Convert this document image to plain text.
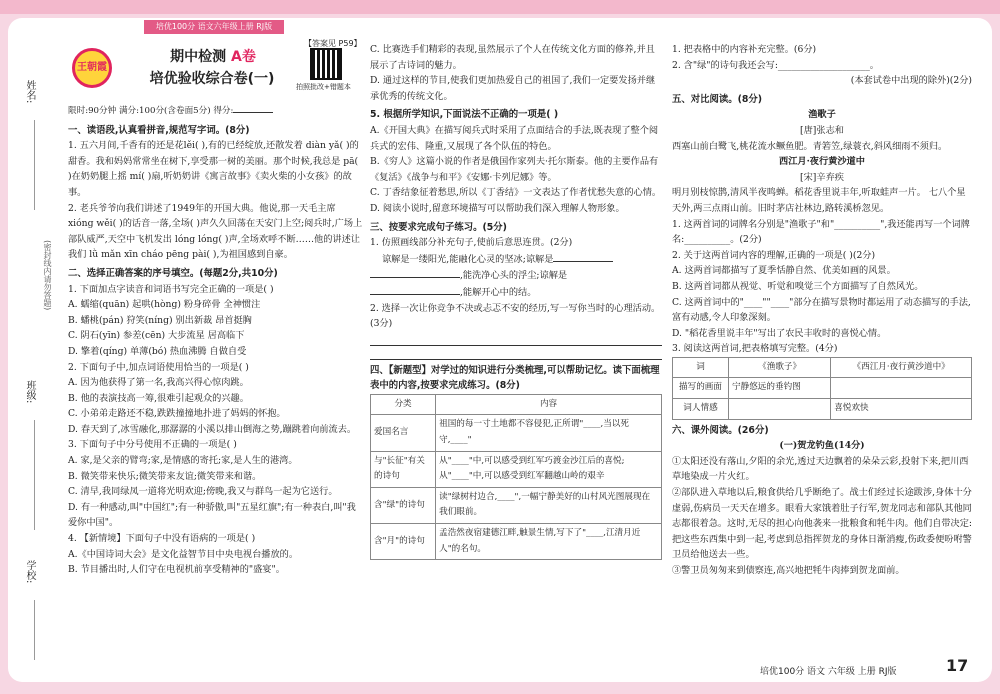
培优100分 语文六年级上册 RJ版
姓名:
(密封线内请勿答题)
班级:
学校:
王朝霞
期中检测 A卷
培优验收综合卷(一)
【答案见 P59】
拍照批改+错题本
限时:90分钟 满分:100分(含卷面5分) 得分:
一、读语段,认真看拼音,规范写字词。(8分)
1. 五六月间,千香有的还是花lěi( ),有的已经绽放,还散发着 diàn yǎ( )的甜香。我和妈妈常常坐在树下,享受那一树的美丽。那个时候,我总是 pā( )在奶奶腿上摇 mí( )扇,听奶奶讲《寓言故事》《卖火柴的小女孩》的故事。
2. 老兵爷爷向我们讲述了1949年的开国大典。他说,那一天毛主席 xióng wěi( )的话音一落,全场( )声久久回荡在天安门上空;阅兵时,广场上部队威严,天空中飞机发出 lóng lóng( )声,全场欢呼不断……他的讲述让我们 lǜ mǎn xīn cháo pēng pài( ),为祖国感到自豪。
二、选择正确答案的序号填空。(每题2分,共10分)
1. 下面加点字读音和词语书写完全正确的一项是( )
A. 蠕缩(quān) 起哄(hòng) 粉身碎骨 全神惯注
B. 蟠桃(pán) 狩笑(níng) 别出新裁 昂首挺胸
C. 阴石(yīn) 参差(cēn) 大步流星 居高临下
D. 擎着(qíng) 单薄(bó) 热血沸腾 自做自受
2. 下面句子中,加点词语使用恰当的一项是( )
A. 因为他获得了第一名,我高兴得心惊肉跳。
B. 他的表演技高一筹,很难引起观众的兴趣。
C. 小弟弟走路还不稳,跌跌撞撞地扑进了妈妈的怀抱。
D. 春天到了,冰雪融化,那潺潺的小溪以排山倒海之势,蹦跳着向前流去。
3. 下面句子中分号使用不正确的一项是( )
A. 家,是父亲的臂弯;家,是情感的寄托;家,是人生的港湾。
B. 微笑带来快乐;微笑带来友谊;微笑带来和谐。
C. 清早,我同绿凤一道将光明欢迎;傍晚,我又与群鸟一起为它送行。
D. 有一种感动,叫"中国红";有一种骄傲,叫"五星红旗";有一种表白,叫"我爱你中国"。
4. 【新情境】下面句子中没有语病的一项是( )
A.《中国诗词大会》是文化益智节目中央电视台播放的。
B. 节目播出时,人们守在电视机前享受精神的"盛宴"。
C. 比赛选手们精彩的表现,虽然展示了个人在传统文化方面的修养,并且展示了古诗词的魅力。
D. 通过这样的节目,使我们更加热爱自己的祖国了,我们一定要发扬并继承优秀的传统文化。
5. 根据所学知识,下面说法不正确的一项是( )
A.《开国大典》在描写阅兵式时采用了点面结合的手法,既表现了整个阅兵式的宏伟、隆重,又展现了各个队伍的特色。
B.《穷人》这篇小说的作者是俄国作家列夫·托尔斯泰。他的主要作品有《复活》《战争与和平》《安娜·卡列尼娜》等。
C. 丁香结象征着愁思,所以《丁香结》一文表达了作者忧愁失意的心情。
D. 阅读小说时,留意环境描写可以帮助我们深入理解人物形象。
三、按要求完成句子练习。(5分)
1. 仿照画线部分补充句子,使前后意思连贯。(2分)
谅解是一缕阳光,能融化心灵的坚冰;谅解是
,能洗净心头的浮尘;谅解是
,能解开心中的结。
2. 选择一次让你竞争不决或忐忑不安的经历,写一写你当时的心理活动。(3分)
四、【新题型】对学过的知识进行分类梳理,可以帮助记忆。读下面梳理表中的内容,按要求完成练习。(8分)
分类	内容
爱国名言	祖国的每一寸土地都不容侵犯,正所谓"____,当以死守,____"
与"长征"有关的诗句	从"____"中,可以感受到红军巧渡金沙江后的喜悦;从"____"中,可以感受到红军翻越山岭的艰辛
含"绿"的诗句	读"绿树村边合,____",一幅宁静美好的山村风光图展现在我们眼前。
含"月"的诗句	孟浩然夜宿建德江畔,触景生情,写下了"____,江清月近人"的名句。
1. 把表格中的内容补充完整。(6分)
2. 含"绿"的诗句我还会写:____________________。
(本套试卷中出现的除外)(2分)
五、对比阅读。(8分)
渔歌子
[唐]张志和
西塞山前白鹭飞,桃花流水鳜鱼肥。青箬笠,绿蓑衣,斜风细雨不须归。
西江月·夜行黄沙道中
[宋]辛弃疾
明月别枝惊鹊,清风半夜鸣蝉。稻花香里说丰年,听取蛙声一片。 七八个星天外,两三点雨山前。旧时茅店社林边,路转溪桥忽见。
1. 这两首词的词牌名分别是"渔歌子"和"__________",我还能再写一个词牌名:__________。(2分)
2. 关于这两首词内容的理解,正确的一项是( )(2分)
A. 这两首词都描写了夏季恬静自然、优美如画的风景。
B. 这两首词都从视觉、听觉和嗅觉三个方面描写了自然风光。
C. 这两首词中的"____""____"部分在描写景物时都运用了动态描写的手法,富有动感,令人印象深刻。
D. "稻花香里说丰年"写出了农民丰收时的喜悦心情。
3. 阅读这两首词,把表格填写完整。(4分)
词	《渔歌子》	《西江月·夜行黄沙道中》
描写的画面	宁静悠远的垂钓图	
词人情感		喜悦欢快
六、课外阅读。(26分)
(一)贺龙钓鱼(14分)
①太阳还没有落山,夕阳的余光,透过天边飘着的朵朵云彩,投射下来,把川西草地染成一片火红。
②部队进入草地以后,粮食供给几乎断绝了。战士们经过长途跋涉,身体十分虚弱,伤病员一天天在增多。眼看大家饿着肚子行军,贺龙同志和部队其他同志都很着急。这时,无尽的担心向他袭来一批粮食和牦牛肉。他们自带决定:把这些东西集中到一起,考虑到总指挥贺龙的身体日渐消瘦,伤政委便吩咐警卫员给他送去一些。
③警卫员匆匆来到债察连,高兴地把牦牛肉捧到贺龙面前。
培优100分 语文 六年级 上册 RJ版	17
